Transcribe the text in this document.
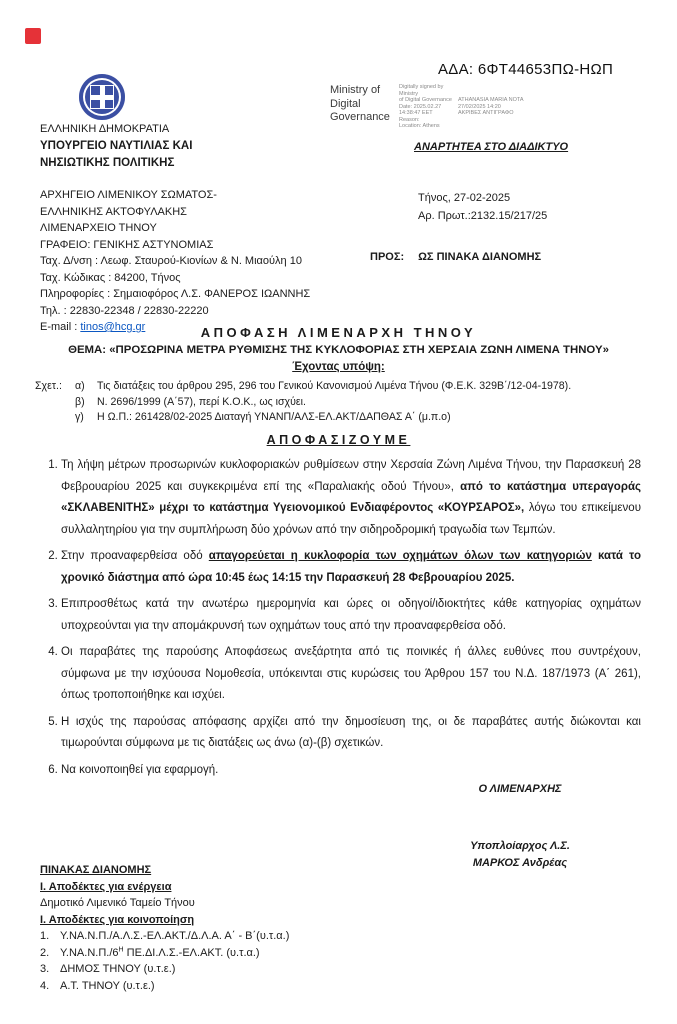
ΑΔΑ: 6ΦΤ44653ΠΩ-ΗΩΠ
ΕΛΛΗΝΙΚΗ ΔΗΜΟΚΡΑΤΙΑ
ΥΠΟΥΡΓΕΙΟ ΝΑΥΤΙΛΙΑΣ ΚΑΙ
ΝΗΣΙΩΤΙΚΗΣ ΠΟΛΙΤΙΚΗΣ
Ministry of
Digital
Governance
Digitally signed by Ministry
of Digital Governance
Date: 2025.02.27
14:38:47 EET
Reason:
Location: Athens
ATHANASIA MARIA NOTA
27/02/2025 14:20
ΑΚΡΙΒΕΣ ΑΝΤΙΓΡΑΦΟ
ΑΝΑΡΤΗΤΕΑ ΣΤΟ ΔΙΑΔΙΚΤΥΟ
ΑΡΧΗΓΕΙΟ ΛΙΜΕΝΙΚΟΥ ΣΩΜΑΤΟΣ-
ΕΛΛΗΝΙΚΗΣ ΑΚΤΟΦΥΛΑΚΗΣ
ΛΙΜΕΝΑΡΧΕΙΟ ΤΗΝΟΥ
ΓΡΑΦΕΙΟ: ΓΕΝΙΚΗΣ ΑΣΤΥΝΟΜΙΑΣ
Ταχ. Δ/νση : Λεωφ. Σταυρού-Κιονίων & Ν. Μιαούλη 10
Ταχ. Κώδικας : 84200, Τήνος
Πληροφορίες : Σημαιοφόρος Λ.Σ. ΦΑΝΕΡΟΣ ΙΩΑΝΝΗΣ
Τηλ. : 22830-22348 / 22830-22220
E-mail : tinos@hcg.gr
Τήνος, 27-02-2025
Αρ. Πρωτ.:2132.15/217/25
ΠΡΟΣ: ΩΣ ΠΙΝΑΚΑ ΔΙΑΝΟΜΗΣ
ΑΠΟΦΑΣΗ ΛΙΜΕΝΑΡΧΗ ΤΗΝΟΥ
ΘΕΜΑ: «ΠΡΟΣΩΡΙΝΑ ΜΕΤΡΑ ΡΥΘΜΙΣΗΣ ΤΗΣ ΚΥΚΛΟΦΟΡΙΑΣ ΣΤΗ ΧΕΡΣΑΙΑ ΖΩΝΗ ΛΙΜΕΝΑ ΤΗΝΟΥ»
Έχοντας υπόψη:
Σχετ.:	α)	Τις διατάξεις του άρθρου 295, 296 του Γενικού Κανονισμού Λιμένα Τήνου (Φ.Ε.Κ. 329Β΄/12-04-1978).
β)	Ν. 2696/1999 (Α΄57), περί Κ.Ο.Κ., ως ισχύει.
γ)	Η Ω.Π.: 261428/02-2025 Διαταγή ΥΝΑΝΠ/ΑΛΣ-ΕΛ.ΑΚΤ/ΔΑΠΘΑΣ Α΄ (μ.π.ο)
ΑΠΟΦΑΣΙΖΟΥΜΕ
1. Τη λήψη μέτρων προσωρινών κυκλοφοριακών ρυθμίσεων στην Χερσαία Ζώνη Λιμένα Τήνου, την Παρασκευή 28 Φεβρουαρίου 2025 και συγκεκριμένα επί της «Παραλιακής οδού Τήνου», από το κατάστημα υπεραγοράς «ΣΚΛΑΒΕΝΙΤΗΣ» μέχρι το κατάστημα Υγειονομικού Ενδιαφέροντος «ΚΟΥΡΣΑΡΟΣ», λόγω του επικείμενου συλλαλητηρίου για την συμπλήρωση δύο χρόνων από την σιδηροδρομική τραγωδία των Τεμπών.
2. Στην προαναφερθείσα οδό απαγορεύεται η κυκλοφορία των οχημάτων όλων των κατηγοριών κατά το χρονικό διάστημα από ώρα 10:45 έως 14:15 την Παρασκευή 28 Φεβρουαρίου 2025.
3. Επιπροσθέτως κατά την ανωτέρω ημερομηνία και ώρες οι οδηγοί/ιδιοκτήτες κάθε κατηγορίας οχημάτων υποχρεούνται για την απομάκρυνσή των οχημάτων τους από την προαναφερθείσα οδό.
4. Οι παραβάτες της παρούσης Αποφάσεως ανεξάρτητα από τις ποινικές ή άλλες ευθύνες που συντρέχουν, σύμφωνα με την ισχύουσα Νομοθεσία, υπόκεινται στις κυρώσεις του Άρθρου 157 του Ν.Δ. 187/1973 (Α΄ 261), όπως τροποποιήθηκε και ισχύει.
5. Η ισχύς της παρούσας απόφασης αρχίζει από την δημοσίευση της, οι δε παραβάτες αυτής διώκονται και τιμωρούνται σύμφωνα με τις διατάξεις ως άνω (α)-(β) σχετικών.
6. Να κοινοποιηθεί για εφαρμογή.
Ο ΛΙΜΕΝΑΡΧΗΣ
Υποπλοίαρχος Λ.Σ.
ΜΑΡΚΟΣ Ανδρέας
ΠΙΝΑΚΑΣ ΔΙΑΝΟΜΗΣ
Ι. Αποδέκτες για ενέργεια
Δημοτικό Λιμενικό Ταμείο Τήνου
Ι. Αποδέκτες για κοινοποίηση
1. Υ.ΝΑ.Ν.Π./Α.Λ.Σ.-ΕΛ.ΑΚΤ./Δ.Λ.Α. Α΄ - Β΄(υ.τ.α.)
2. $\Upsilon.NA.N.\Pi./6^H$ ΠΕ.ΔΙ.Λ.Σ.-ΕΛ.ΑΚΤ. (υ.τ.α.)
3. ΔΗΜΟΣ ΤΗΝΟΥ (υ.τ.ε.)
4. Α.Τ. ΤΗΝΟΥ (υ.τ.ε.)
